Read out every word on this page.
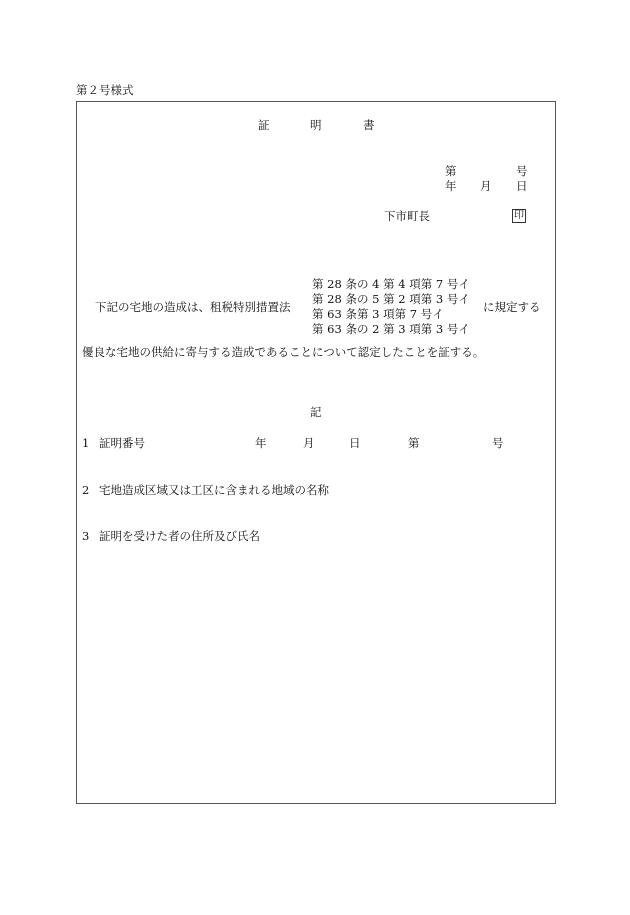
第２号様式
証	明	書
第	号
年 月 日
下市町長	印
下記の宅地の造成は、租税特別措置法
第 28 条の 4 第 4 項第 7 号イ
第 28 条の 5 第 2 項第 3 号イ
第 63 条第 3 項第 7 号イ
第 63 条の 2 第 3 項第 3 号イ
に規定する
優良な宅地の供給に寄与する造成であることについて認定したことを証する。
記
1 証明番号	年	月	日	第	号
2 宅地造成区域又は工区に含まれる地域の名称
3 証明を受けた者の住所及び氏名
